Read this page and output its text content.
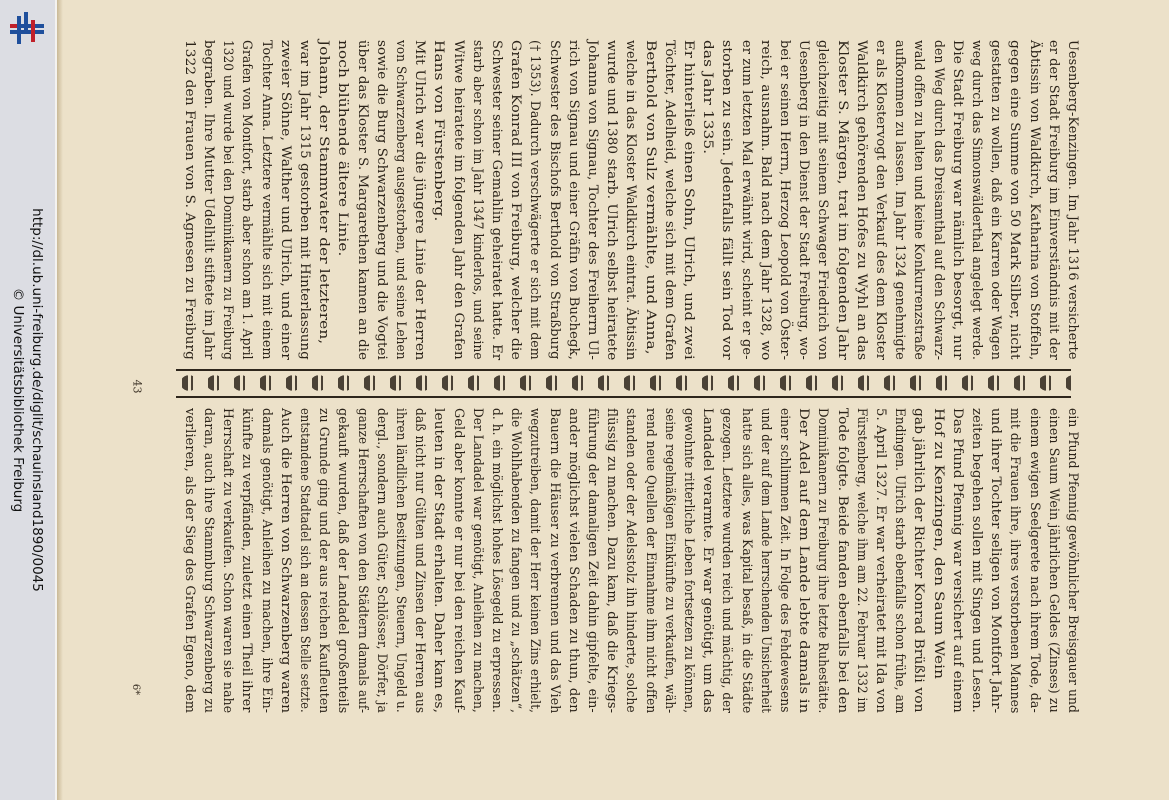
http://dl.ub.uni-freiburg.de/diglit/schauinsland1890/0045
© Universitätsbibliothek Freiburg
Uesenberg-Kenzingen. Im Jahr 1316 versicherte
er der Stadt Freiburg im Einverständnis mit der
Äbtissin von Waldkirch, Katharina von Stoffeln,
gegen eine Summe von 50 Mark Silber, nicht
gestatten zu wollen, daß ein Karren oder Wagen
weg durch das Simonswälderthal angelegt werde.
Die Stadt Freiburg war nämlich besorgt, nur
den Weg durch das Dreisamthal auf den Schwarz-
wald offen zu halten und keine Konkurrenzstraße
aufkommen zu lassen. Im Jahr 1324 genehmigte
er als Klostervogt den Verkauf des dem Kloster
Waldkirch gehörenden Hofes zu Wyhl an das
Kloster S. Märgen, trat im folgenden Jahr
gleichzeitig mit seinem Schwager Friedrich von
Uesenberg in den Dienst der Stadt Freiburg, wo-
bei er seinen Herrn, Herzog Leopold von Öster-
reich, ausnahm. Bald nach dem Jahr 1328, wo
er zum letzten Mal erwähnt wird, scheint er ge-
storben zu sein. Jedenfalls fällt sein Tod vor
das Jahr 1335.
Er hinterließ einen Sohn, Ulrich, und zwei
Töchter, Adelheid, welche sich mit dem Grafen
Berthold von Sulz vermählte, und Anna,
welche in das Kloster Waldkirch eintrat. Äbtissin
wurde und 1380 starb. Ulrich selbst heiratete
Johanna von Signau, Tochter des Freiherrn Ul-
rich von Signau und einer Gräfin von Buchegk,
Schwester des Bischofs Berthold von Straßburg
(† 1353). Dadurch verschwägerte er sich mit dem
Grafen Konrad III von Freiburg, welcher die
Schwester seiner Gemahlin geheiratet hatte. Er
starb aber schon im Jahr 1347 kinderlos, und seine
Witwe heiratete im folgenden Jahr den Grafen
Hans von Fürstenberg.
Mit Ulrich war die jüngere Linie der Herren
von Schwarzenberg ausgestorben, und seine Lehen
sowie die Burg Schwarzenberg und die Vogtei
über das Kloster S. Margarethen kamen an die
noch blühende ältere Linie.
Johann, der Stammvater der letzteren,
war im Jahr 1315 gestorben mit Hinterlassung
zweier Söhne, Walther und Ulrich, und einer
Tochter Anna. Letztere vermählte sich mit einem
Grafen von Montfort, starb aber schon am 1. April
1320 und wurde bei den Dominikanern zu Freiburg
begraben. Ihre Mutter Udelhilt stiftete im Jahr
1322 den Frauen von S. Agnesen zu Freiburg
ein Pfund Pfennig gewöhnlicher Breisgauer und
einen Saum Wein jährlichen Geldes (Zinses) zu
einem ewigen Seelgerete nach ihrem Tode, da-
mit die Frauen ihre, ihres verstorbenen Mannes
und ihrer Tochter seligen von Montfort Jahr-
zeiten begehen sollen mit Singen und Lesen.
Das Pfund Pfennig war versichert auf einem
Hof zu Kenzingen, den Saum Wein
gab jährlich der Richter Konrad Brüßli von
Endingen. Ulrich starb ebenfalls schon frühe, am
5. April 1327. Er war verheiratet mit Ida von
Fürstenberg, welche ihm am 22. Februar 1332 im
Tode folgte. Beide fanden ebenfalls bei den
Dominikanern zu Freiburg ihre letzte Ruhestätte.
Der Adel auf dem Lande lebte damals in
einer schlimmen Zeit. In Folge des Fehdewesens
und der auf dem Lande herrschenden Unsicherheit
hatte sich alles, was Kapital besaß, in die Städte
gezogen. Letztere wurden reich und mächtig, der
Landadel verarmte. Er war genötigt, um das
gewohnte ritterliche Leben fortsetzen zu können,
seine regelmäßigen Einkünfte zu verkaufen, wäh-
rend neue Quellen der Einnahme ihm nicht offen
standen oder der Adelsstolz ihn hinderte, solche
flüssig zu machen. Dazu kam, daß die Kriegs-
führung der damaligen Zeit dahin gipfelte, ein-
ander möglichst vielen Schaden zu thun, den
Bauern die Häuser zu verbrennen und das Vieh
wegzutreiben, damit der Herr keinen Zins erhielt,
die Wohlhabenden zu fangen und zu „schätzen“,
d. h. ein möglichst hohes Lösegeld zu erpressen.
Der Landadel war genötigt, Anleihen zu machen,
Geld aber konnte er nur bei den reichen Kauf-
leuten in der Stadt erhalten. Daher kam es,
daß nicht nur Gülten und Zinsen der Herren aus
ihren ländlichen Besitzungen, Steuern, Ungeld u.
dergl., sondern auch Güter, Schlösser, Dörfer, ja
ganze Herrschaften von den Städtern damals auf-
gekauft wurden, daß der Landadel großenteils
zu Grunde ging und der aus reichen Kaufleuten
entstandene Stadtadel sich an dessen Stelle setzte.
Auch die Herren von Schwarzenberg waren
damals genötigt, Anleihen zu machen, ihre Ein-
künfte zu verpfänden, zuletzt einen Theil ihrer
Herrschaft zu verkaufen. Schon waren sie nahe
daran, auch ihre Stammburg Schwarzenberg zu
verlieren, als der Sieg des Grafen Egeno, dem
43
6*
